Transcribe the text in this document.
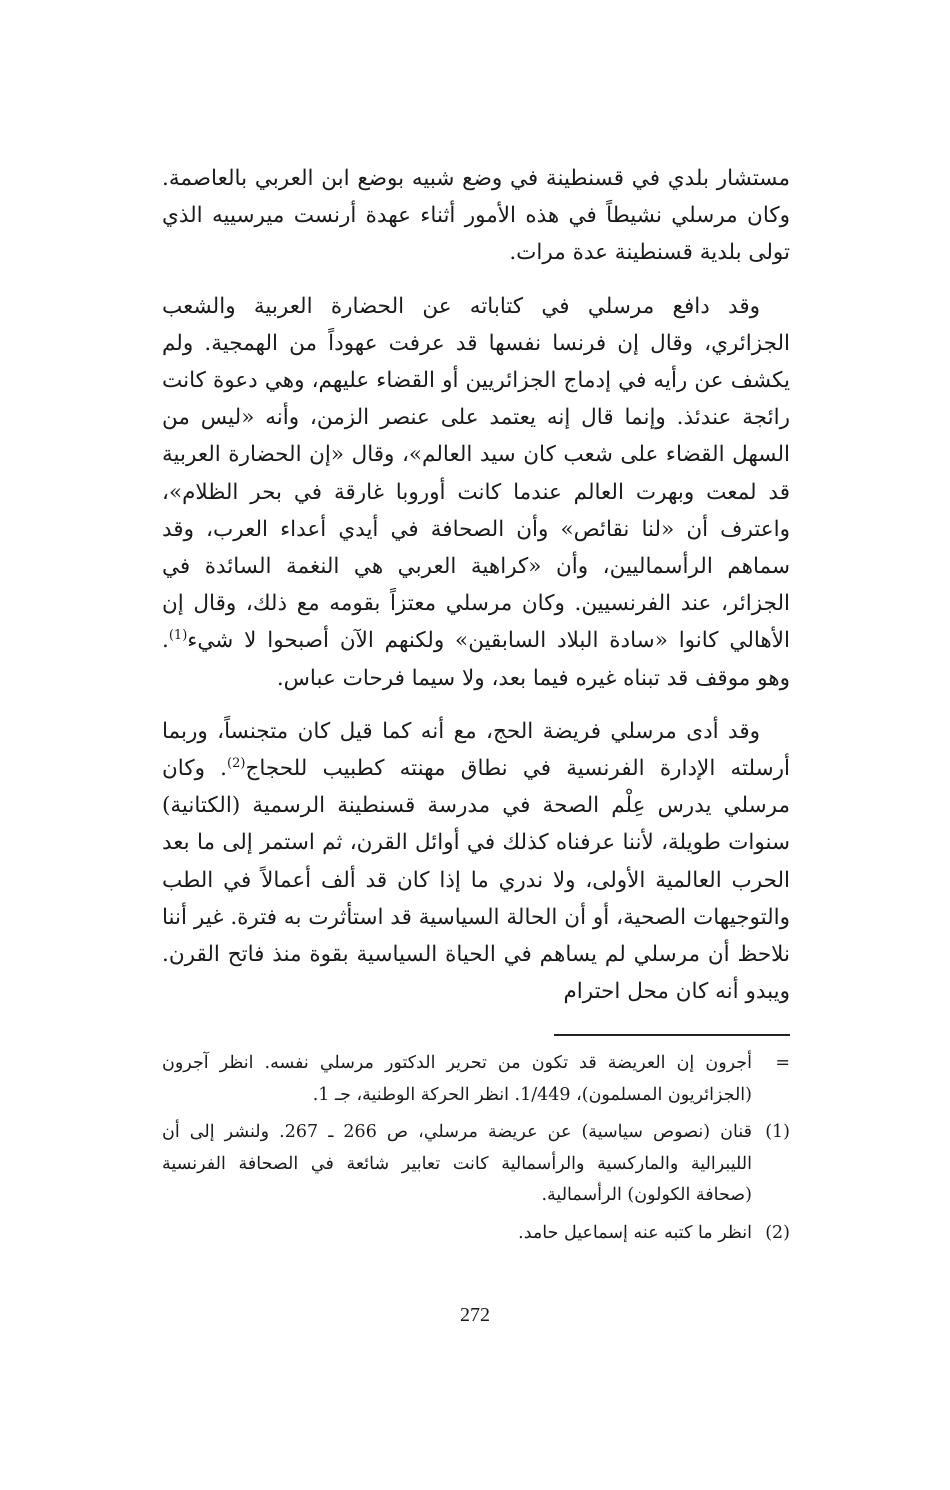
مستشار بلدي في قسنطينة في وضع شبيه بوضع ابن العربي بالعاصمة. وكان مرسلي نشيطاً في هذه الأمور أثناء عهدة أرنست ميرسييه الذي تولى بلدية قسنطينة عدة مرات.

وقد دافع مرسلي في كتاباته عن الحضارة العربية والشعب الجزائري، وقال إن فرنسا نفسها قد عرفت عهوداً من الهمجية. ولم يكشف عن رأيه في إدماج الجزائريين أو القضاء عليهم، وهي دعوة كانت رائجة عندئذ. وإنما قال إنه يعتمد على عنصر الزمن، وأنه «ليس من السهل القضاء على شعب كان سيد العالم»، وقال «إن الحضارة العربية قد لمعت وبهرت العالم عندما كانت أوروبا غارقة في بحر الظلام»، واعترف أن «لنا نقائص» وأن الصحافة في أيدي أعداء العرب، وقد سماهم الرأسماليين، وأن «كراهية العربي هي النغمة السائدة في الجزائر، عند الفرنسيين. وكان مرسلي معتزاً بقومه مع ذلك، وقال إن الأهالي كانوا «سادة البلاد السابقين» ولكنهم الآن أصبحوا لا شيء$^{(1)}$. وهو موقف قد تبناه غيره فيما بعد، ولا سيما فرحات عباس.

وقد أدى مرسلي فريضة الحج، مع أنه كما قيل كان متجنساً، وربما أرسلته الإدارة الفرنسية في نطاق مهنته كطبيب للحجاج$^{(2)}$. وكان مرسلي يدرس عِلْم الصحة في مدرسة قسنطينة الرسمية (الكتانية) سنوات طويلة، لأننا عرفناه كذلك في أوائل القرن، ثم استمر إلى ما بعد الحرب العالمية الأولى، ولا ندري ما إذا كان قد ألف أعمالاً في الطب والتوجيهات الصحية، أو أن الحالة السياسية قد استأثرت به فترة. غير أننا نلاحظ أن مرسلي لم يساهم في الحياة السياسية بقوة منذ فاتح القرن. ويبدو أنه كان محل احترام

=
أجرون إن العريضة قد تكون من تحرير الدكتور مرسلي نفسه. انظر آجرون (الجزائريون المسلمون)، 1/449. انظر الحركة الوطنية، جـ 1.
(1)
قنان (نصوص سياسية) عن عريضة مرسلي، ص 266 ـ 267. ولنشر إلى أن الليبرالية والماركسية والرأسمالية كانت تعابير شائعة في الصحافة الفرنسية (صحافة الكولون) الرأسمالية.
(2)
انظر ما كتبه عنه إسماعيل حامد.
272
